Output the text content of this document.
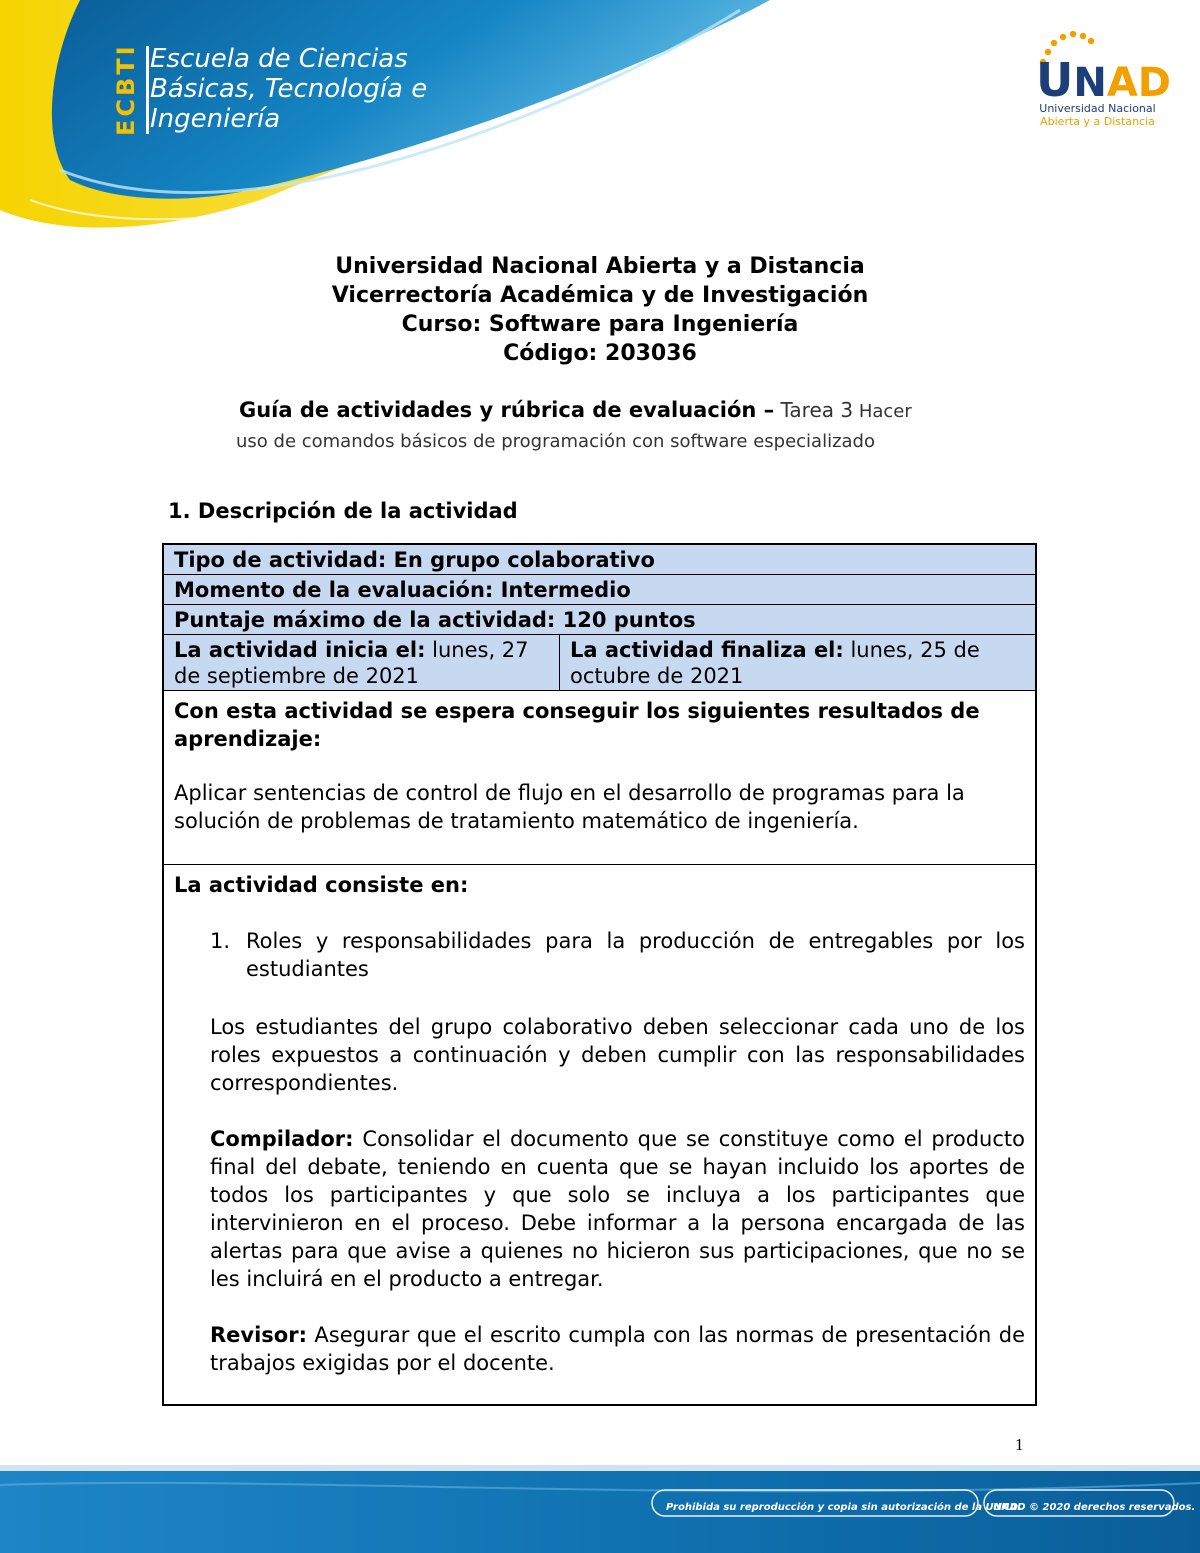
ECBTI Escuela de Ciencias
Básicas, Tecnología e
Ingeniería
UNAD
Universidad Nacional
Abierta y a Distancia
Universidad Nacional Abierta y a Distancia
Vicerrectoría Académica y de Investigación
Curso: Software para Ingeniería
Código: 203036
Guía de actividades y rúbrica de evaluación – Tarea 3 Hacer
uso de comandos básicos de programación con software especializado
1. Descripción de la actividad
Tipo de actividad: En grupo colaborativo
Momento de la evaluación: Intermedio
Puntaje máximo de la actividad: 120 puntos
La actividad inicia el: lunes, 27 de septiembre de 2021
La actividad finaliza el: lunes, 25 de octubre de 2021
Con esta actividad se espera conseguir los siguientes resultados de aprendizaje:
Aplicar sentencias de control de flujo en el desarrollo de programas para la solución de problemas de tratamiento matemático de ingeniería.
La actividad consiste en:
1. Roles y responsabilidades para la producción de entregables por los estudiantes
Los estudiantes del grupo colaborativo deben seleccionar cada uno de los roles expuestos a continuación y deben cumplir con las responsabilidades correspondientes.
Compilador: Consolidar el documento que se constituye como el producto final del debate, teniendo en cuenta que se hayan incluido los aportes de todos los participantes y que solo se incluya a los participantes que intervinieron en el proceso. Debe informar a la persona encargada de las alertas para que avise a quienes no hicieron sus participaciones, que no se les incluirá en el producto a entregar.
Revisor: Asegurar que el escrito cumpla con las normas de presentación de trabajos exigidas por el docente.
1
Prohibida su reproducción y copia sin autorización de la UNAD.
UNAD © 2020 derechos reservados.
